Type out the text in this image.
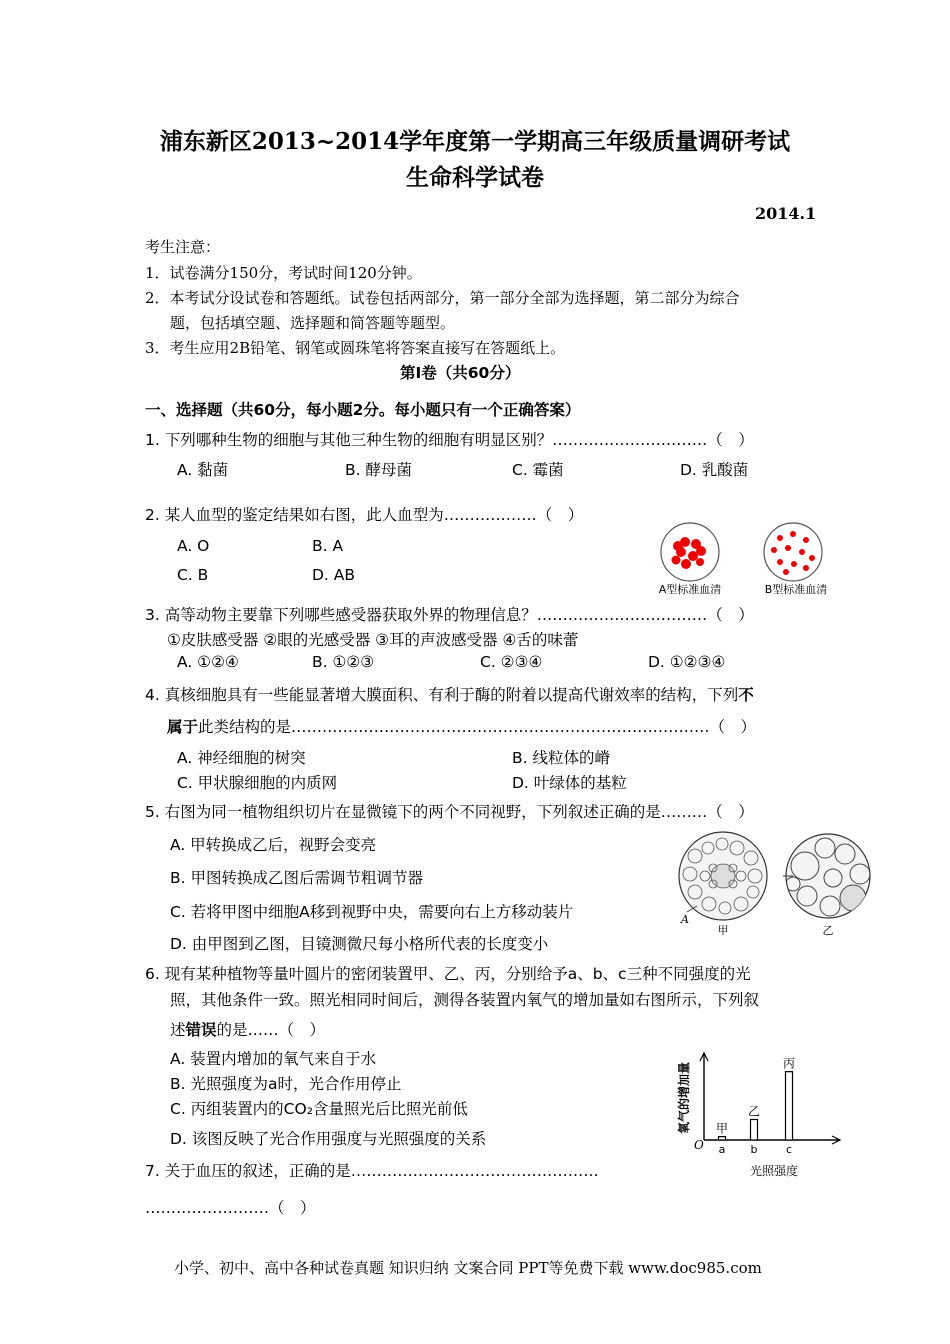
浦东新区2013~2014学年度第一学期高三年级质量调研考试
生命科学试卷
2014.1
考生注意：
1．试卷满分150分，考试时间120分钟。
2．本考试分设试卷和答题纸。试卷包括两部分，第一部分全部为选择题，第二部分为综合
题，包括填空题、选择题和简答题等题型。
3．考生应用2B铅笔、钢笔或圆珠笔将答案直接写在答题纸上。
第Ⅰ卷（共60分）
一、选择题（共60分，每小题2分。每小题只有一个正确答案）
1. 下列哪种生物的细胞与其他三种生物的细胞有明显区别？…………………………（　）
A. 黏菌	B. 酵母菌	C. 霉菌	D. 乳酸菌
2. 某人血型的鉴定结果如右图，此人血型为………………（　）
A. O	B. A
C. B	D. AB
A型标准血清	B型标准血清
3. 高等动物主要靠下列哪些感受器获取外界的物理信息？……………………………（　）
①皮肤感受器 ②眼的光感受器 ③耳的声波感受器 ④舌的味蕾
A. ①②④	B. ①②③	C. ②③④	D. ①②③④
4. 真核细胞具有一些能显著增大膜面积、有利于酶的附着以提高代谢效率的结构，下列不
属于此类结构的是………………………………………………………………………（　）
A. 神经细胞的树突	B. 线粒体的嵴
C. 甲状腺细胞的内质网	D. 叶绿体的基粒
5. 右图为同一植物组织切片在显微镜下的两个不同视野，下列叙述正确的是………（　）
A. 甲转换成乙后，视野会变亮
B. 甲图转换成乙图后需调节粗调节器
C. 若将甲图中细胞A移到视野中央，需要向右上方移动装片
D. 由甲图到乙图，目镜测微尺每小格所代表的长度变小
A
甲	乙
6. 现有某种植物等量叶圆片的密闭装置甲、乙、丙，分别给予a、b、c三种不同强度的光
照，其他条件一致。照光相同时间后，测得各装置内氧气的增加量如右图所示，下列叙
述错误的是……（　）
A. 装置内增加的氧气来自于水
B. 光照强度为a时，光合作用停止
C. 丙组装置内的CO₂含量照光后比照光前低
D. 该图反映了光合作用强度与光照强度的关系	O
氧气的增加量
光照强度
甲
a
乙
b
丙
c
7. 关于血压的叙述，正确的是…………………………………………
……………………（　）
小学、初中、高中各种试卷真题 知识归纳 文案合同 PPT等免费下载 www.doc985.com
